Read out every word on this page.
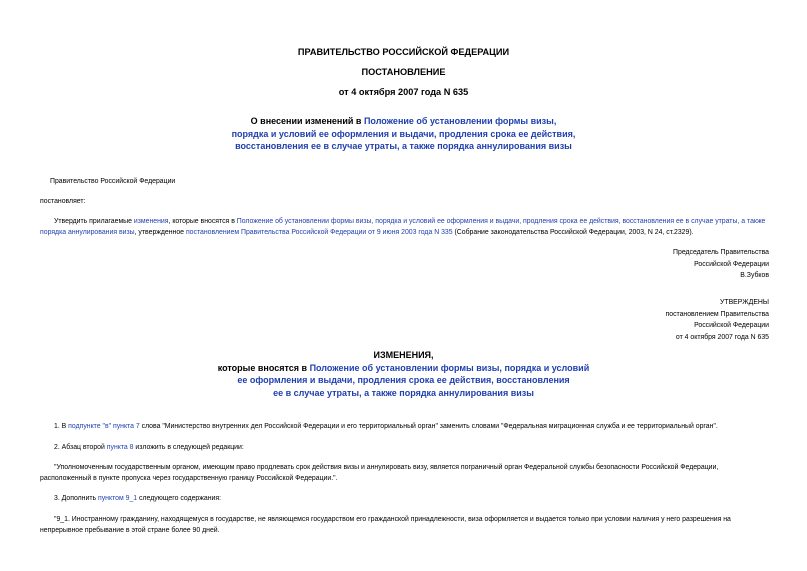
ПРАВИТЕЛЬСТВО РОССИЙСКОЙ ФЕДЕРАЦИИ
ПОСТАНОВЛЕНИЕ
от 4 октября 2007 года N 635

О внесении изменений в Положение об установлении формы визы,

порядка и условий ее оформления и выдачи, продления срока ее действия,

восстановления ее в случае утраты, а также порядка аннулирования визы

Правительство Российской Федерации
постановляет:
Утвердить прилагаемые изменения, которые вносятся в Положение об установлении формы визы, порядка и условий ее оформления и выдачи, продления срока ее действия, восстановления ее в случае утраты, а также порядка аннулирования визы, утвержденное постановлением Правительства Российской Федерации от 9 июня 2003 года N 335 (Собрание законодательства Российской Федерации, 2003, N 24, ст.2329).

Председатель Правительства

Российской Федерации

В.Зубков

УТВЕРЖДЕНЫ

постановлением Правительства

Российской Федерации

от 4 октября 2007 года N 635

ИЗМЕНЕНИЯ,

которые вносятся в Положение об установлении формы визы, порядка и условий

ее оформления и выдачи, продления срока ее действия, восстановления

ее в случае утраты, а также порядка аннулирования визы

1. В подпункте "в" пункта 7 слова "Министерство внутренних дел Российской Федерации и его территориальный орган" заменить словами "Федеральная миграционная служба и ее территориальный орган".
2. Абзац второй пункта 8 изложить в следующей редакции:
"Уполномоченным государственным органом, имеющим право продлевать срок действия визы и аннулировать визу, является пограничный орган Федеральной службы безопасности Российской Федерации, расположенный в пункте пропуска через государственную границу Российской Федерации.".
3. Дополнить пунктом 9_1 следующего содержания:
"9_1. Иностранному гражданину, находящемуся в государстве, не являющемся государством его гражданской принадлежности, виза оформляется и выдается только при условии наличия у него разрешения на непрерывное пребывание в этой стране более 90 дней.
